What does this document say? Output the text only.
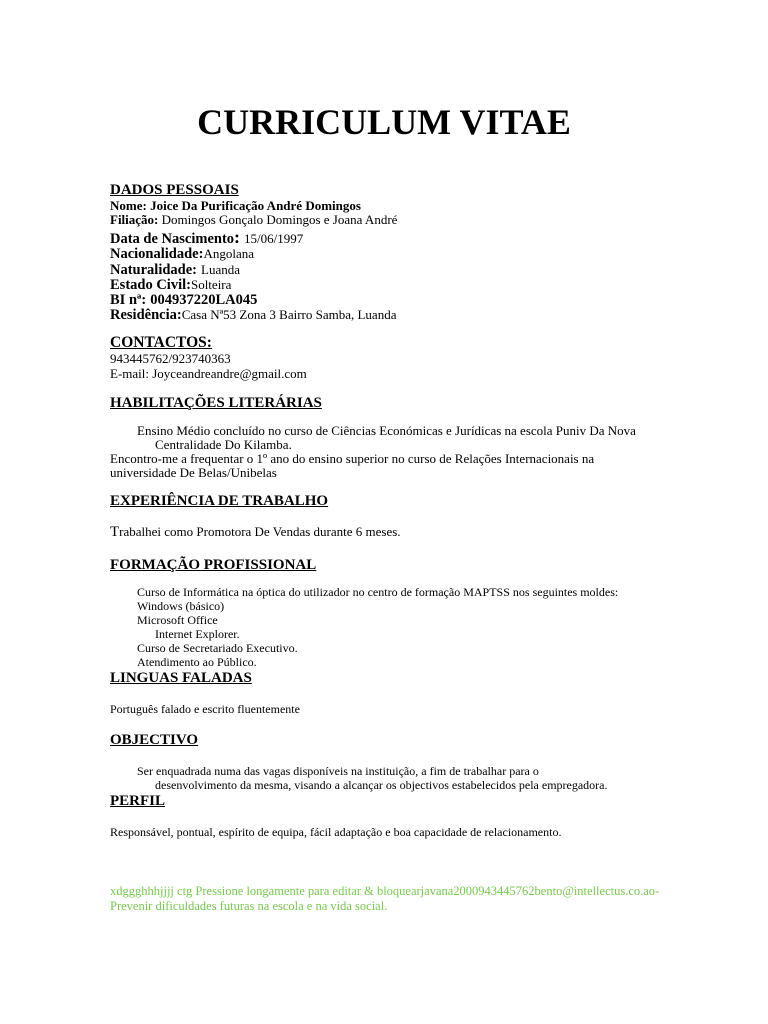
CURRICULUM VITAE
DADOS PESSOAIS
Nome: Joice Da Purificação André Domingos
Filiação: Domingos Gonçalo Domingos e Joana André
Data de Nascimento: 15/06/1997
Nacionalidade:Angolana
Naturalidade: Luanda
Estado Civil:Solteira
BI nª: 004937220LA045
Residência:Casa Nª53 Zona 3 Bairro Samba, Luanda
CONTACTOS:
943445762/923740363
E-mail: Joyceandreandre@gmail.com
HABILITAÇÕES LITERÁRIAS
Ensino Médio concluído no curso de Ciências Económicas e Jurídicas na escola Puniv Da Nova
Centralidade Do Kilamba.
Encontro-me a frequentar o 1º ano do ensino superior no curso de Relações Internacionais na
universidade De Belas/Unibelas
EXPERIÊNCIA DE TRABALHO
Trabalhei como Promotora De Vendas durante 6 meses.
FORMAÇÃO PROFISSIONAL
Curso de Informática na óptica do utilizador no centro de formação MAPTSS nos seguintes moldes:
Windows (básico)
Microsoft Office
Internet Explorer.
Curso de Secretariado Executivo.
Atendimento ao Público.
LINGUAS FALADAS
Português falado e escrito fluentemente
OBJECTIVO
Ser enquadrada numa das vagas disponíveis na instituição, a fim de trabalhar para o
desenvolvimento da mesma, visando a alcançar os objectivos estabelecidos pela empregadora.
PERFIL
Responsável, pontual, espírito de equipa, fácil adaptação e boa capacidade de relacionamento.
xdggghhhjjjj ctg Pressione longamente para editar & bloquearjavana2000943445762bento@intellectus.co.ao- Prevenir dificuldades futuras na escola e na vida social.
